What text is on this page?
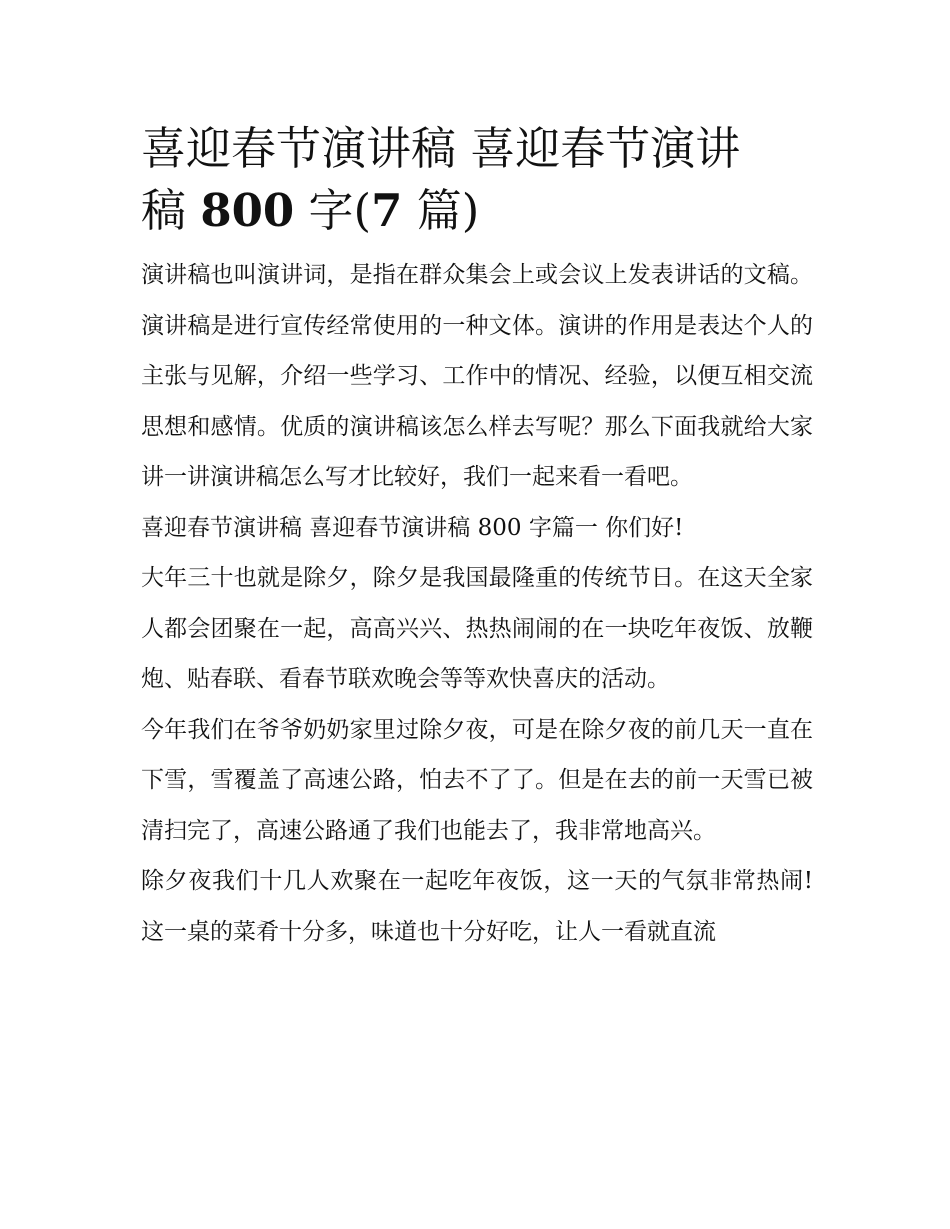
喜迎春节演讲稿 喜迎春节演讲
稿 800 字(7 篇)

演讲稿也叫演讲词，是指在群众集会上或会议上发表讲话的文稿。演讲稿是进行宣传经常使用的一种文体。演讲的作用是表达个人的主张与见解，介绍一些学习、工作中的情况、经验，以便互相交流思想和感情。优质的演讲稿该怎么样去写呢？那么下面我就给大家讲一讲演讲稿怎么写才比较好，我们一起来看一看吧。

喜迎春节演讲稿 喜迎春节演讲稿 800 字篇一 你们好!

大年三十也就是除夕，除夕是我国最隆重的传统节日。在这天全家人都会团聚在一起，高高兴兴、热热闹闹的在一块吃年夜饭、放鞭炮、贴春联、看春节联欢晚会等等欢快喜庆的活动。

今年我们在爷爷奶奶家里过除夕夜，可是在除夕夜的前几天一直在下雪，雪覆盖了高速公路，怕去不了了。但是在去的前一天雪已被清扫完了，高速公路通了我们也能去了，我非常地高兴。

除夕夜我们十几人欢聚在一起吃年夜饭，这一天的气氛非常热闹!这一桌的菜肴十分多，味道也十分好吃，让人一看就直流
